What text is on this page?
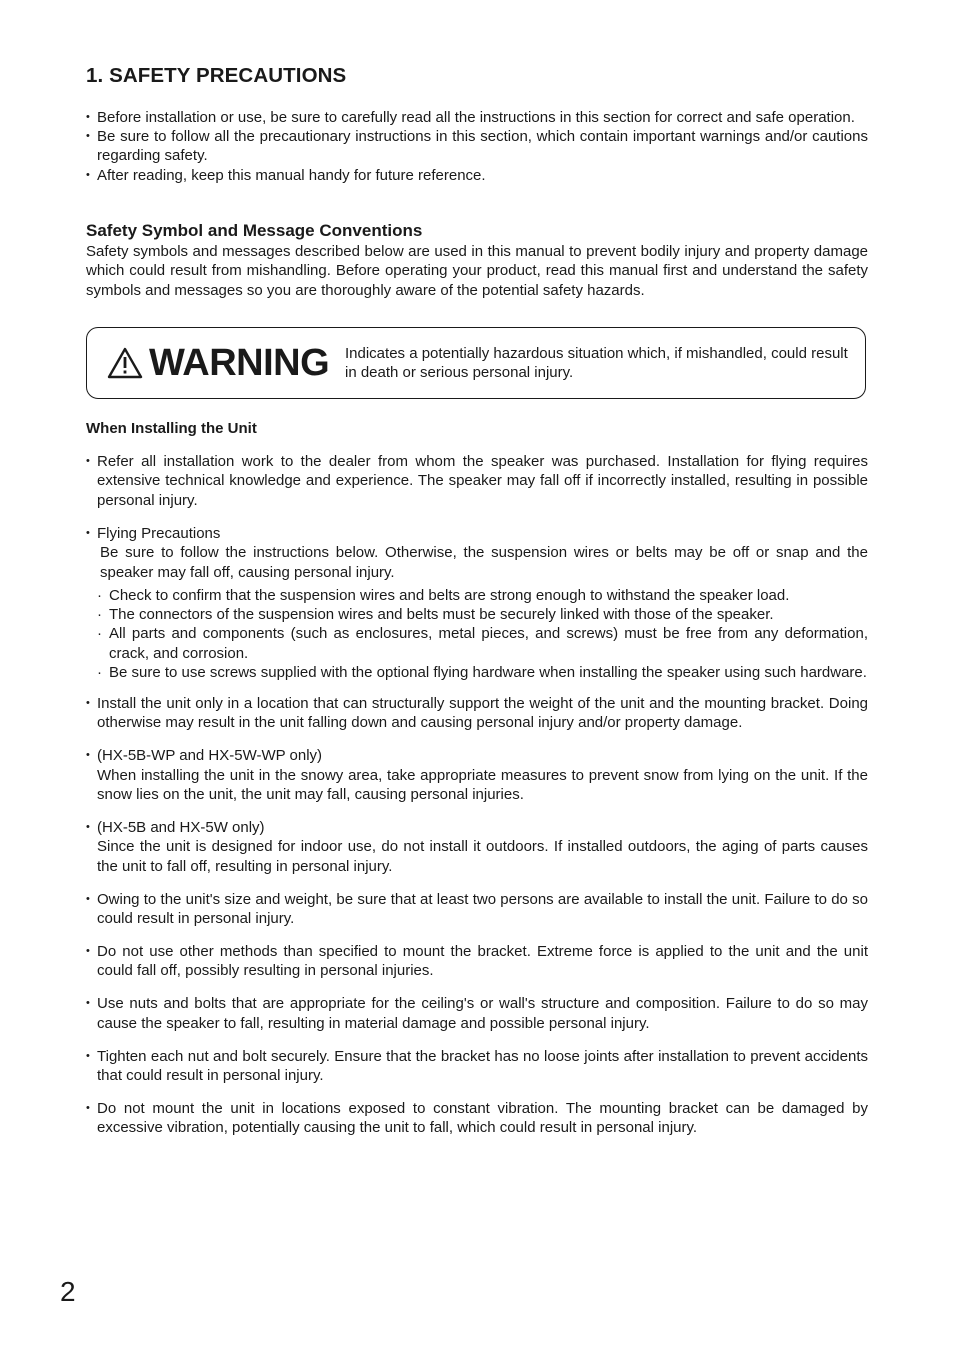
1. SAFETY PRECAUTIONS
• Before installation or use, be sure to carefully read all the instructions in this section for correct and safe operation.
• Be sure to follow all the precautionary instructions in this section, which contain important warnings and/or cautions regarding safety.
• After reading, keep this manual handy for future reference.
Safety Symbol and Message Conventions

Safety symbols and messages described below are used in this manual to prevent bodily injury and property damage which could result from mishandling. Before operating your product, read this manual first and understand the safety symbols and messages so you are thoroughly aware of the potential safety hazards.

WARNING Indicates a potentially hazardous situation which, if mishandled, could result in death or serious personal injury.
When Installing the Unit
• Refer all installation work to the dealer from whom the speaker was purchased. Installation for flying requires extensive technical knowledge and experience. The speaker may fall off if incorrectly installed, resulting in possible personal injury.
• Flying Precautions
Be sure to follow the instructions below. Otherwise, the suspension wires or belts may be off or snap and the speaker may fall off, causing personal injury.
· Check to confirm that the suspension wires and belts are strong enough to withstand the speaker load.
· The connectors of the suspension wires and belts must be securely linked with those of the speaker.
· All parts and components (such as enclosures, metal pieces, and screws) must be free from any deformation, crack, and corrosion.
· Be sure to use screws supplied with the optional flying hardware when installing the speaker using such hardware.
• Install the unit only in a location that can structurally support the weight of the unit and the mounting bracket. Doing otherwise may result in the unit falling down and causing personal injury and/or property damage.
• (HX-5B-WP and HX-5W-WP only)
When installing the unit in the snowy area, take appropriate measures to prevent snow from lying on the unit. If the snow lies on the unit, the unit may fall, causing personal injuries.
• (HX-5B and HX-5W only)
Since the unit is designed for indoor use, do not install it outdoors. If installed outdoors, the aging of parts causes the unit to fall off, resulting in personal injury.
• Owing to the unit's size and weight, be sure that at least two persons are available to install the unit. Failure to do so could result in personal injury.
• Do not use other methods than specified to mount the bracket. Extreme force is applied to the unit and the unit could fall off, possibly resulting in personal injuries.
• Use nuts and bolts that are appropriate for the ceiling's or wall's structure and composition. Failure to do so may cause the speaker to fall, resulting in material damage and possible personal injury.
• Tighten each nut and bolt securely. Ensure that the bracket has no loose joints after installation to prevent accidents that could result in personal injury.
• Do not mount the unit in locations exposed to constant vibration. The mounting bracket can be damaged by excessive vibration, potentially causing the unit to fall, which could result in personal injury.
2
